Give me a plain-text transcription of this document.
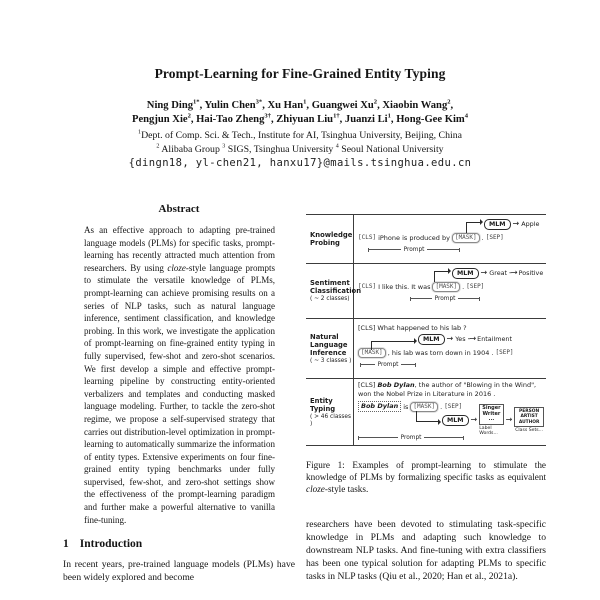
Prompt-Learning for Fine-Grained Entity Typing
Ning Ding$^{1*}$, Yulin Chen$^{3*}$, Xu Han$^1$, Guangwei Xu$^2$, Xiaobin Wang$^2$,
Pengjun Xie$^2$, Hai-Tao Zheng$^{3\dagger}$, Zhiyuan Liu$^{1\dagger}$, Juanzi Li$^1$, Hong-Gee Kim$^4$
$^1$Dept. of Comp. Sci. & Tech., Institute for AI, Tsinghua University, Beijing, China
$^2$ Alibaba Group $^3$ SIGS, Tsinghua University $^4$ Seoul National University
{dingn18, yl-chen21, hanxu17}@mails.tsinghua.edu.cn
Abstract
As an effective approach to adapting pre-trained language models (PLMs) for specific tasks, prompt-learning has recently attracted much attention from researchers. By using cloze-style language prompts to stimulate the versatile knowledge of PLMs, prompt-learning can achieve promising results on a series of NLP tasks, such as natural language inference, sentiment classification, and knowledge probing. In this work, we investigate the application of prompt-learning on fine-grained entity typing in fully supervised, few-shot and zero-shot scenarios. We first develop a simple and effective prompt-learning pipeline by constructing entity-oriented verbalizers and templates and conducting masked language modeling. Further, to tackle the zero-shot regime, we propose a self-supervised strategy that carries out distribution-level optimization in prompt-learning to automatically summarize the information of entity types. Extensive experiments on four fine-grained entity typing benchmarks under fully supervised, few-shot, and zero-shot settings show the effectiveness of the prompt-learning paradigm and further make a powerful alternative to vanilla fine-tuning.
1 Introduction
In recent years, pre-trained language models (PLMs) have been widely explored and become
Knowledge Probing
MLM →	Apple
[CLS] iPhone is produced by [MASK] . [SEP]
Prompt
Sentiment Classification
( ~ 2 classes)
MLM →	Great -→ Positive
[CLS] I like this. It was [MASK] . [SEP]
Prompt
Natural Language Inference
( ~ 3 classes )
[CLS] What happened to his lab ?
MLM →	Yes -→ Entailment
[MASK] , his lab was torn down in 1904 . [SEP]
Prompt
Entity Typing
( > 46 classes )
[CLS] Bob Dylan, the author of "Blowing in the Wind", won the Nobel Prize in Literature in 2016 .
Bob Dylan is [MASK] . [SEP]
MLM
→
Singer Writer ...
Label Words...
→
PERSON ARTIST AUTHOR
Class Sets...
Prompt
Figure 1: Examples of prompt-learning to stimulate the knowledge of PLMs by formalizing specific tasks as equivalent cloze-style tasks.
researchers have been devoted to stimulating task-specific knowledge in PLMs and adapting such knowledge to downstream NLP tasks. And fine-tuning with extra classifiers has been one typical solution for adapting PLMs to specific tasks in NLP tasks (Qiu et al., 2020; Han et al., 2021a).
